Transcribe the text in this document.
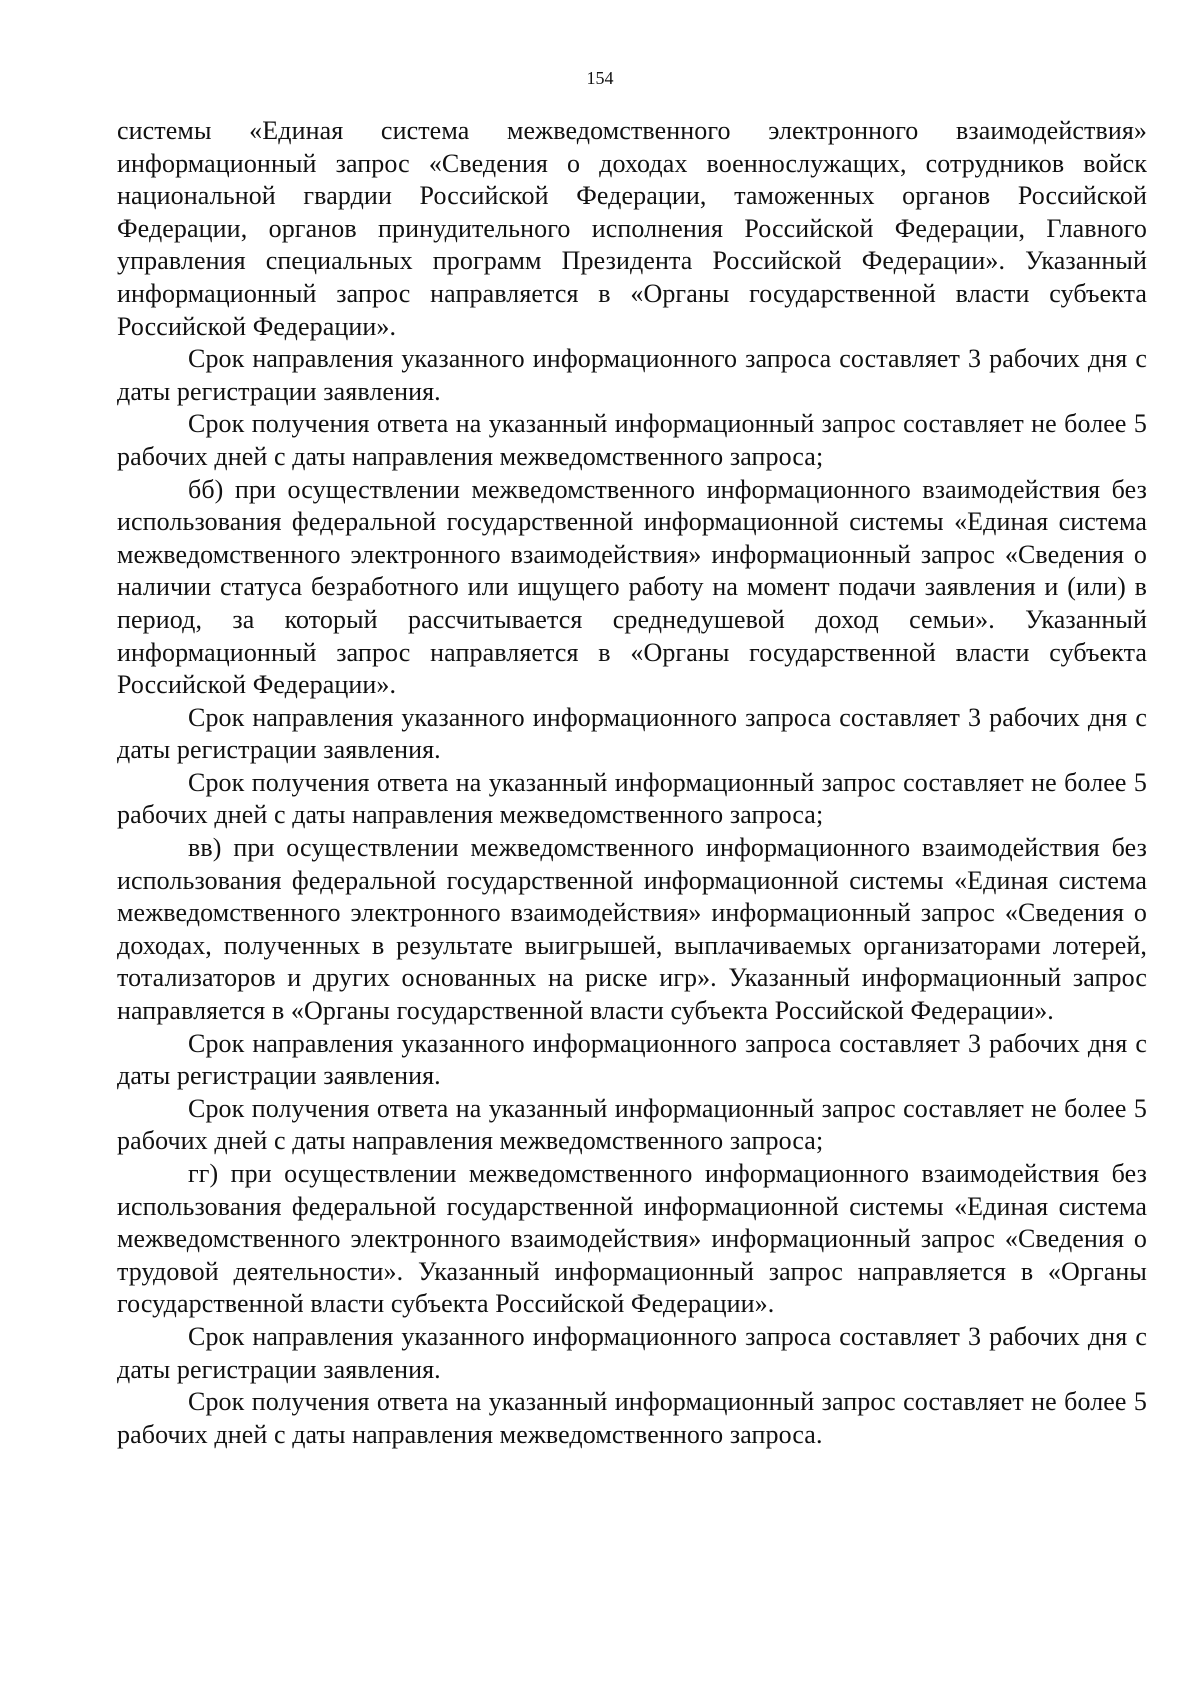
154

системы «Единая система межведомственного электронного взаимодействия» информационный запрос «Сведения о доходах военнослужащих, сотрудников войск национальной гвардии Российской Федерации, таможенных органов Российской Федерации, органов принудительного исполнения Российской Федерации, Главного управления специальных программ Президента Российской Федерации». Указанный информационный запрос направляется в «Органы государственной власти субъекта Российской Федерации».

Срок направления указанного информационного запроса составляет 3 рабочих дня с даты регистрации заявления.

Срок получения ответа на указанный информационный запрос составляет не более 5 рабочих дней с даты направления межведомственного запроса;

бб) при осуществлении межведомственного информационного взаимодействия без использования федеральной государственной информационной системы «Единая система межведомственного электронного взаимодействия» информационный запрос «Сведения о наличии статуса безработного или ищущего работу на момент подачи заявления и (или) в период, за который рассчитывается среднедушевой доход семьи». Указанный информационный запрос направляется в «Органы государственной власти субъекта Российской Федерации».

Срок направления указанного информационного запроса составляет 3 рабочих дня с даты регистрации заявления.

Срок получения ответа на указанный информационный запрос составляет не более 5 рабочих дней с даты направления межведомственного запроса;

вв) при осуществлении межведомственного информационного взаимодействия без использования федеральной государственной информационной системы «Единая система межведомственного электронного взаимодействия» информационный запрос «Сведения о доходах, полученных в результате выигрышей, выплачиваемых организаторами лотерей, тотализаторов и других основанных на риске игр». Указанный информационный запрос направляется в «Органы государственной власти субъекта Российской Федерации».

Срок направления указанного информационного запроса составляет 3 рабочих дня с даты регистрации заявления.

Срок получения ответа на указанный информационный запрос составляет не более 5 рабочих дней с даты направления межведомственного запроса;

гг) при осуществлении межведомственного информационного взаимодействия без использования федеральной государственной информационной системы «Единая система межведомственного электронного взаимодействия» информационный запрос «Сведения о трудовой деятельности». Указанный информационный запрос направляется в «Органы государственной власти субъекта Российской Федерации».

Срок направления указанного информационного запроса составляет 3 рабочих дня с даты регистрации заявления.

Срок получения ответа на указанный информационный запрос составляет не более 5 рабочих дней с даты направления межведомственного запроса.
